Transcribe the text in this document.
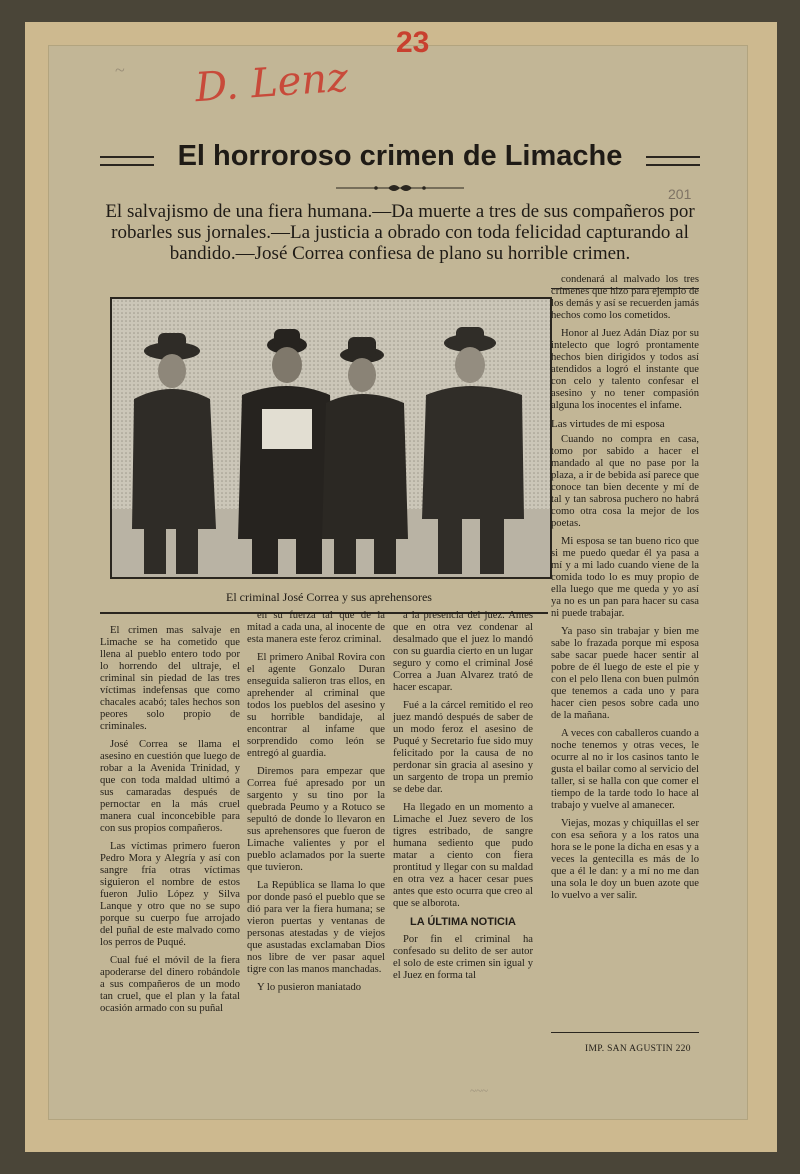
23
D. Lenz
~
201
~~~
El horroroso crimen de Limache
El salvajismo de una fiera humana.—Da muerte a tres de sus compañeros por robarles sus jornales.—La justicia a obrado con toda felicidad capturando al bandido.—José Correa confiesa de plano su horrible crimen.
El criminal José Correa y sus aprehensores

El crimen mas salvaje en Limache se ha cometido que llena al pueblo entero todo por lo horrendo del ultraje, el criminal sin piedad de las tres víctimas indefensas que como chacales acabó; tales hechos son peores solo propio de criminales.

José Correa se llama el asesino en cuestión que luego de robar a la Avenida Trinidad, y que con toda maldad ultimó a sus camaradas después de pernoctar en la más cruel manera cual inconcebible para con sus propios compañeros.

Las víctimas primero fueron Pedro Mora y Alegría y así con sangre fría otras víctimas siguieron el nombre de estos fueron Julio López y Silva Lanque y otro que no se supo porque su cuerpo fue arrojado del puñal de este malvado como los perros de Puqué.

Cual fué el móvil de la fiera apoderarse del dinero robándole a sus compañeros de un modo tan cruel, que el plan y la fatal ocasión armado con su puñal

en su fuerza tal que de la mitad a cada una, al inocente de esta manera este feroz criminal.

El primero Anibal Rovira con el agente Gonzalo Duran enseguida salieron tras ellos, en aprehender al criminal que todos los pueblos del asesino y su horrible bandidaje, al encontrar al infame que sorprendido como león se entregó al guardia.

Diremos para empezar que Correa fué apresado por un sargento y su tino por la quebrada Peumo y a Rotuco se sepultó de donde lo llevaron en sus aprehensores que fueron de Limache valientes y por el pueblo aclamados por la suerte que tuvieron.

La República se llama lo que por donde pasó el pueblo que se dió para ver la fiera humana; se vieron puertas y ventanas de personas atestadas y de viejos que asustadas exclamaban Dios nos libre de ver pasar aquel tigre con las manos manchadas.

Y lo pusieron maniatado

a la presencia del juez. Antes que en otra vez condenar al desalmado que el juez lo mandó con su guardia cierto en un lugar seguro y como el criminal José Correa a Juan Alvarez trató de hacer escapar.

Fué a la cárcel remitido el reo juez mandó después de saber de un modo feroz el asesino de Puqué y Secretario fue sido muy felicitado por la causa de no perdonar sin gracia al asesino y un sargento de tropa un premio se debe dar.

Ha llegado en un momento a Limache el Juez severo de los tigres estribado, de sangre humana sediento que pudo matar a ciento con fiera prontitud y llegar con su maldad en otra vez a hacer cesar pues antes que esto ocurra que creo al que se alborota.

LA ÚLTIMA NOTICIA

Por fin el criminal ha confesado su delito de ser autor el solo de este crimen sin igual y el Juez en forma tal

condenará al malvado los tres crímenes que hizo para ejemplo de los demás y así se recuerden jamás hechos como los cometidos.

Honor al Juez Adán Díaz por su intelecto que logró prontamente hechos bien dirigidos y todos así atendidos a logró el instante que con celo y talento confesar el asesino y no tener compasión alguna los inocentes el infame.

Las virtudes de mi esposa

Cuando no compra en casa, tomo por sabido a hacer el mandado al que no pase por la plaza, a ir de bebida así parece que conoce tan bien decente y mí de tal y tan sabrosa puchero no habrá como otra cosa la mejor de los poetas.

Mi esposa se tan bueno rico que si me puedo quedar él ya pasa a mí y a mi lado cuando viene de la comida todo lo es muy propio de ella luego que me queda y yo así ya no es un pan para hacer su casa ni puede trabajar.

Ya paso sin trabajar y bien me sabe lo frazada porque mi esposa sabe sacar puede hacer sentir al pobre de él luego de este el pie y con el pelo llena con buen pulmón que tenemos a cada uno y para hacer cien pesos sobre cada uno de la mañana.

A veces con caballeros cuando a noche tenemos y otras veces, le ocurre al no ir los casinos tanto le gusta el bailar como al servicio del taller, si se halla con que comer el tiempo de la tarde todo lo hace al trabajo y vuelve al amanecer.

Viejas, mozas y chiquillas el ser con esa señora y a los ratos una hora se le pone la dicha en esas y a veces la gentecilla es más de lo que a él le dan: y a mí no me dan una sola le doy un buen azote que lo vuelvo a ver salir.

IMP. SAN AGUSTIN 220
